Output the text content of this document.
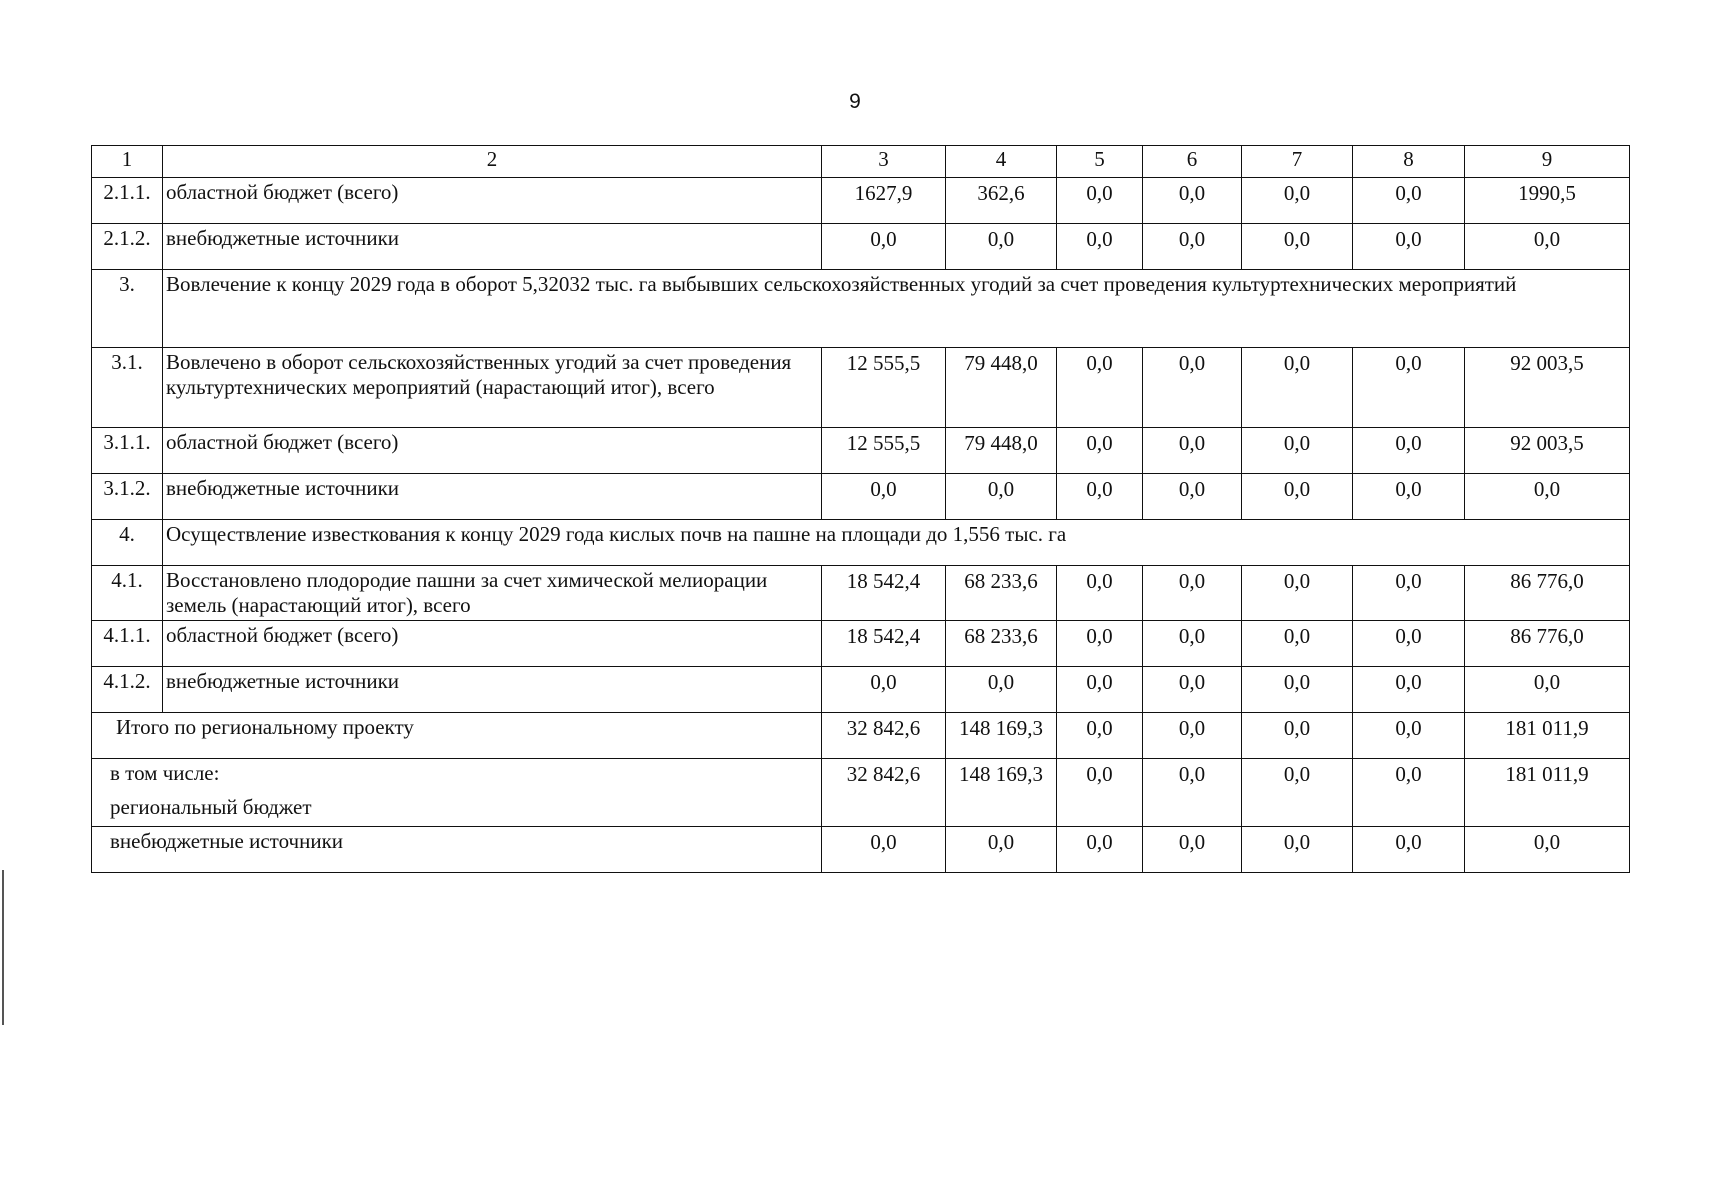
9
1	2	3	4	5	6	7	8	9
2.1.1.	областной бюджет (всего)	1627,9	362,6	0,0	0,0	0,0	0,0	1990,5
2.1.2.	внебюджетные источники	0,0	0,0	0,0	0,0	0,0	0,0	0,0
3.	Вовлечение к концу 2029 года в оборот 5,32032 тыс. га выбывших сельскохозяйственных угодий за счет проведения культуртехнических мероприятий							
3.1.	Вовлечено в оборот сельскохозяйственных угодий за счет проведения культуртехнических мероприятий (нарастающий итог), всего	12 555,5	79 448,0	0,0	0,0	0,0	0,0	92 003,5
3.1.1.	областной бюджет (всего)	12 555,5	79 448,0	0,0	0,0	0,0	0,0	92 003,5
3.1.2.	внебюджетные источники	0,0	0,0	0,0	0,0	0,0	0,0	0,0
4.	Осуществление известкования к концу 2029 года кислых почв на пашне на площади до 1,556 тыс. га							
4.1.	Восстановлено плодородие пашни за счет химической мелиорации земель (нарастающий итог), всего	18 542,4	68 233,6	0,0	0,0	0,0	0,0	86 776,0
4.1.1.	областной бюджет (всего)	18 542,4	68 233,6	0,0	0,0	0,0	0,0	86 776,0
4.1.2.	внебюджетные источники	0,0	0,0	0,0	0,0	0,0	0,0	0,0
Итого по региональному проекту		32 842,6	148 169,3	0,0	0,0	0,0	0,0	181 011,9
в том числе:
региональный бюджет		32 842,6	148 169,3	0,0	0,0	0,0	0,0	181 011,9
внебюджетные источники		0,0	0,0	0,0	0,0	0,0	0,0	0,0
